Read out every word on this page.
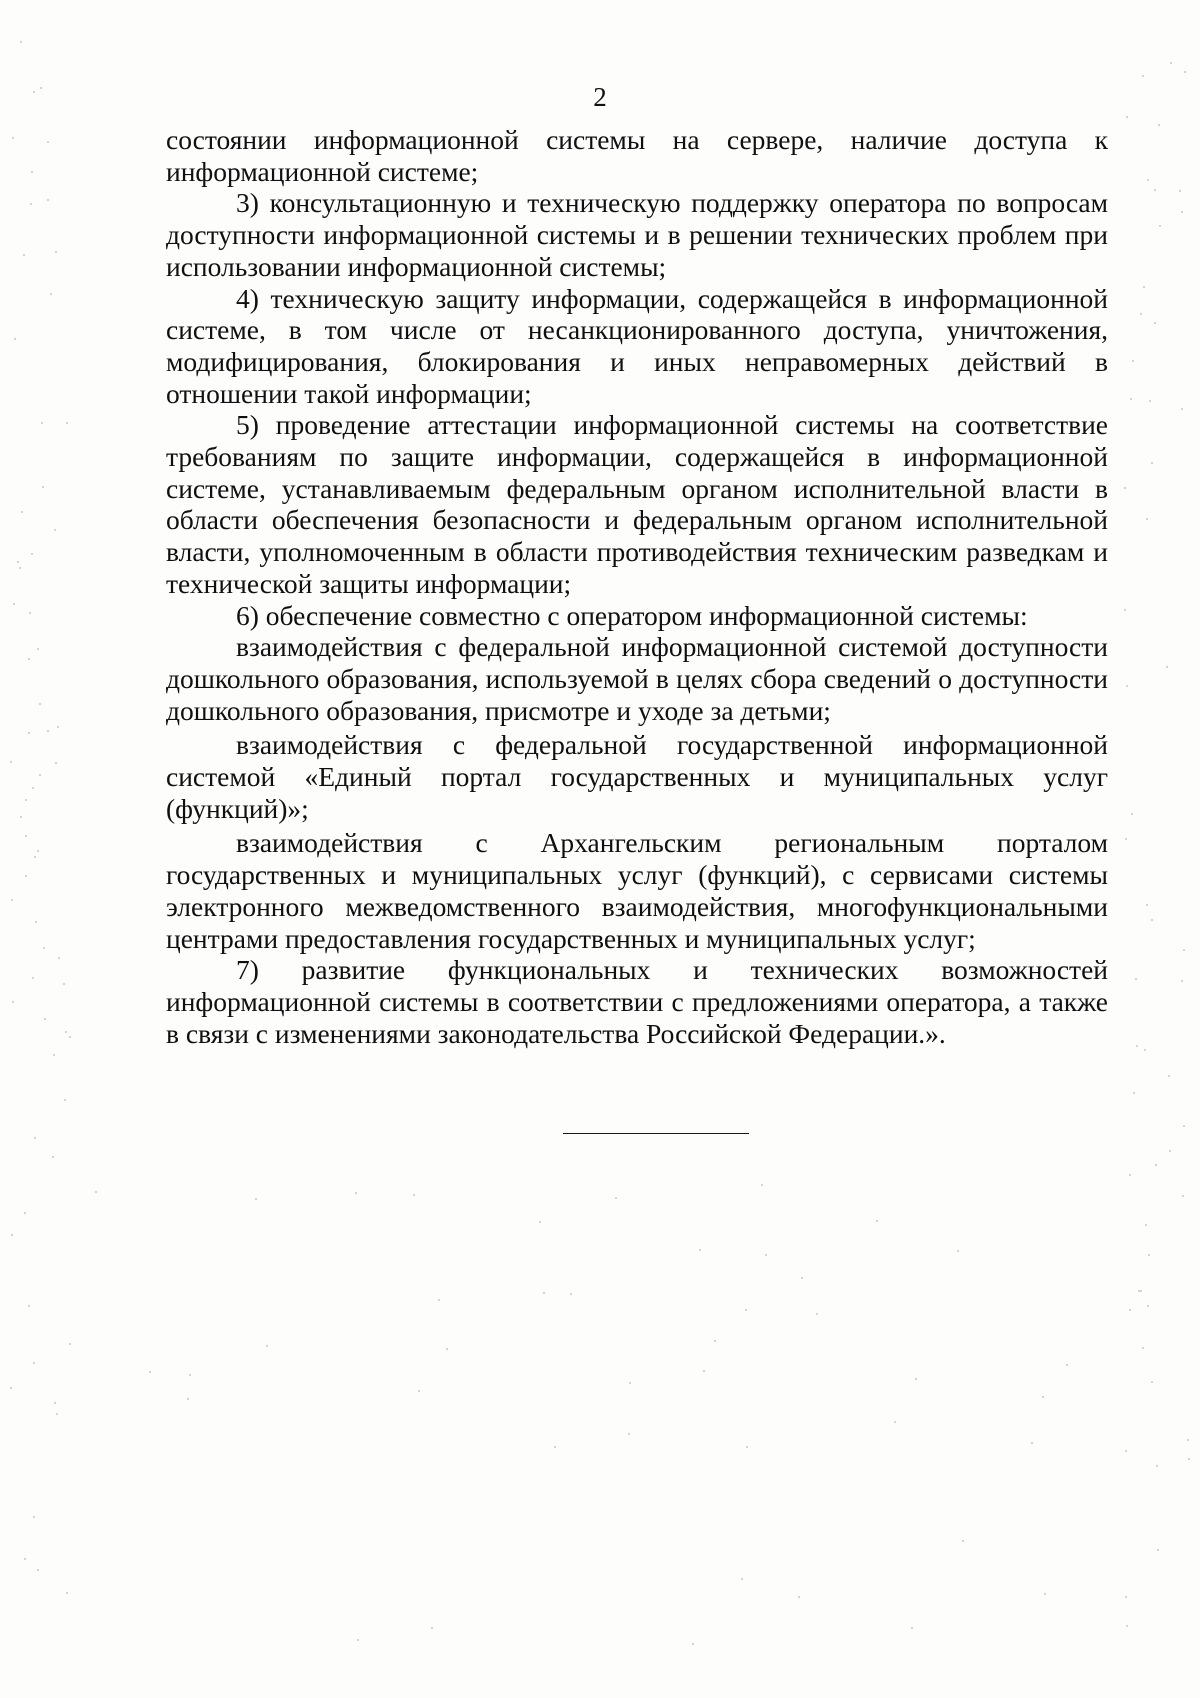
2

состоянии информационной системы на сервере, наличие доступа к информационной системе;

3) консультационную и техническую поддержку оператора по вопросам доступности информационной системы и в решении технических проблем при использовании информационной системы;

4) техническую защиту информации, содержащейся в информационной системе, в том числе от несанкционированного доступа, уничтожения, модифицирования, блокирования и иных неправомерных действий в отношении такой информации;

5) проведение аттестации информационной системы на соответствие требованиям по защите информации, содержащейся в информационной системе, устанавливаемым федеральным органом исполнительной власти в области обеспечения безопасности и федеральным органом исполнительной власти, уполномоченным в области противодействия техническим разведкам и технической защиты информации;

6) обеспечение совместно с оператором информационной системы:

взаимодействия с федеральной информационной системой доступности дошкольного образования, используемой в целях сбора сведений о доступности дошкольного образования, присмотре и уходе за детьми;

взаимодействия с федеральной государственной информационной системой «Единый портал государственных и муниципальных услуг (функций)»;

взаимодействия с Архангельским региональным порталом государственных и муниципальных услуг (функций), с сервисами системы электронного межведомственного взаимодействия, многофункциональными центрами предоставления государственных и муниципальных услуг;

7) развитие функциональных и технических возможностей информационной системы в соответствии с предложениями оператора, а также в связи с изменениями законодательства Российской Федерации.».
